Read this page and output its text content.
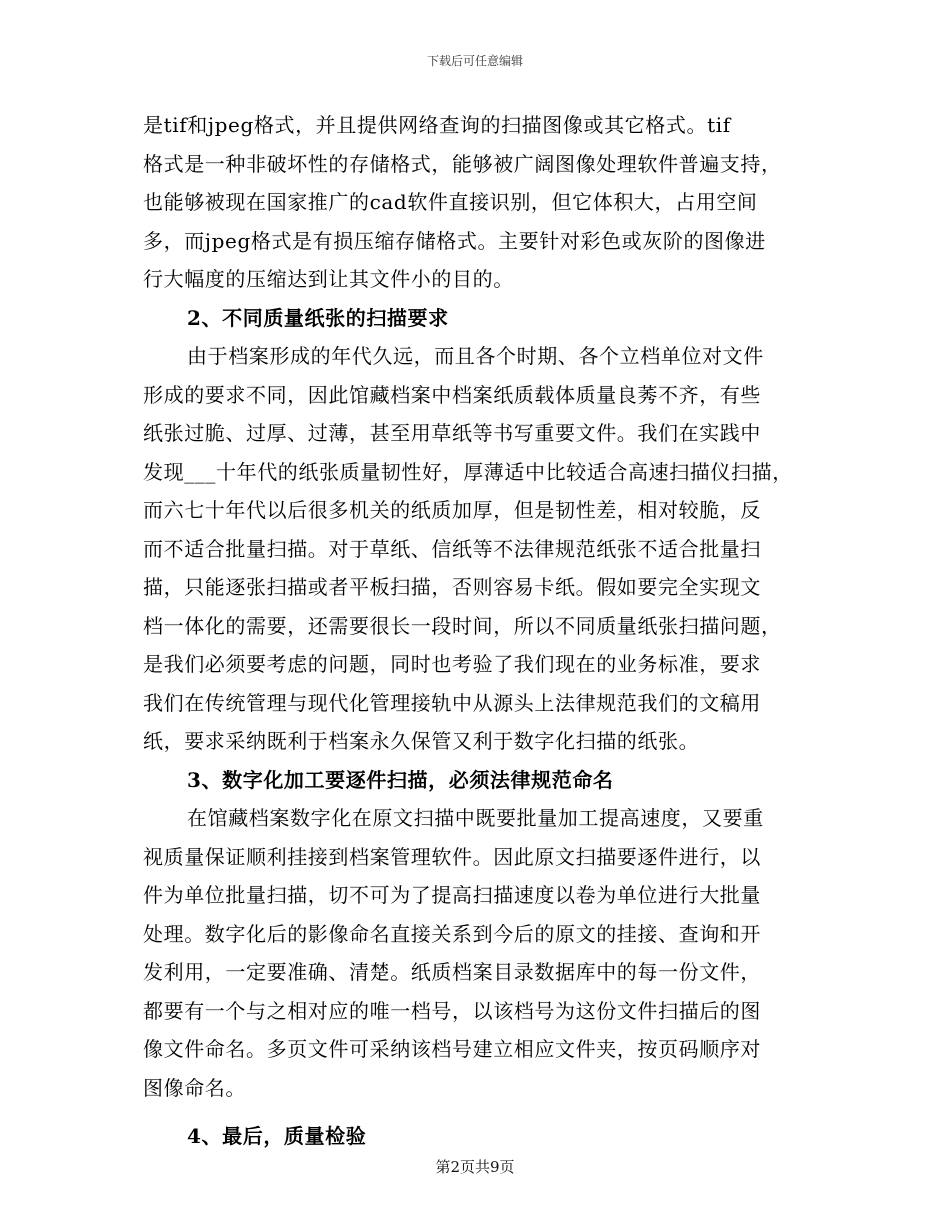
下载后可任意编辑
是tif和jpeg格式，并且提供网络查询的扫描图像或其它格式。tif
格式是一种非破坏性的存储格式，能够被广阔图像处理软件普遍支持，
也能够被现在国家推广的cad软件直接识别，但它体积大，占用空间
多，而jpeg格式是有损压缩存储格式。主要针对彩色或灰阶的图像进
行大幅度的压缩达到让其文件小的目的。
2、不同质量纸张的扫描要求
由于档案形成的年代久远，而且各个时期、各个立档单位对文件
形成的要求不同，因此馆藏档案中档案纸质载体质量良莠不齐，有些
纸张过脆、过厚、过薄，甚至用草纸等书写重要文件。我们在实践中
发现___十年代的纸张质量韧性好，厚薄适中比较适合高速扫描仪扫描，
而六七十年代以后很多机关的纸质加厚，但是韧性差，相对较脆，反
而不适合批量扫描。对于草纸、信纸等不法律规范纸张不适合批量扫
描，只能逐张扫描或者平板扫描，否则容易卡纸。假如要完全实现文
档一体化的需要，还需要很长一段时间，所以不同质量纸张扫描问题，
是我们必须要考虑的问题，同时也考验了我们现在的业务标准，要求
我们在传统管理与现代化管理接轨中从源头上法律规范我们的文稿用
纸，要求采纳既利于档案永久保管又利于数字化扫描的纸张。
3、数字化加工要逐件扫描，必须法律规范命名
在馆藏档案数字化在原文扫描中既要批量加工提高速度，又要重
视质量保证顺利挂接到档案管理软件。因此原文扫描要逐件进行，以
件为单位批量扫描，切不可为了提高扫描速度以卷为单位进行大批量
处理。数字化后的影像命名直接关系到今后的原文的挂接、查询和开
发利用，一定要准确、清楚。纸质档案目录数据库中的每一份文件，
都要有一个与之相对应的唯一档号，以该档号为这份文件扫描后的图
像文件命名。多页文件可采纳该档号建立相应文件夹，按页码顺序对
图像命名。
4、最后，质量检验
第2页共9页
